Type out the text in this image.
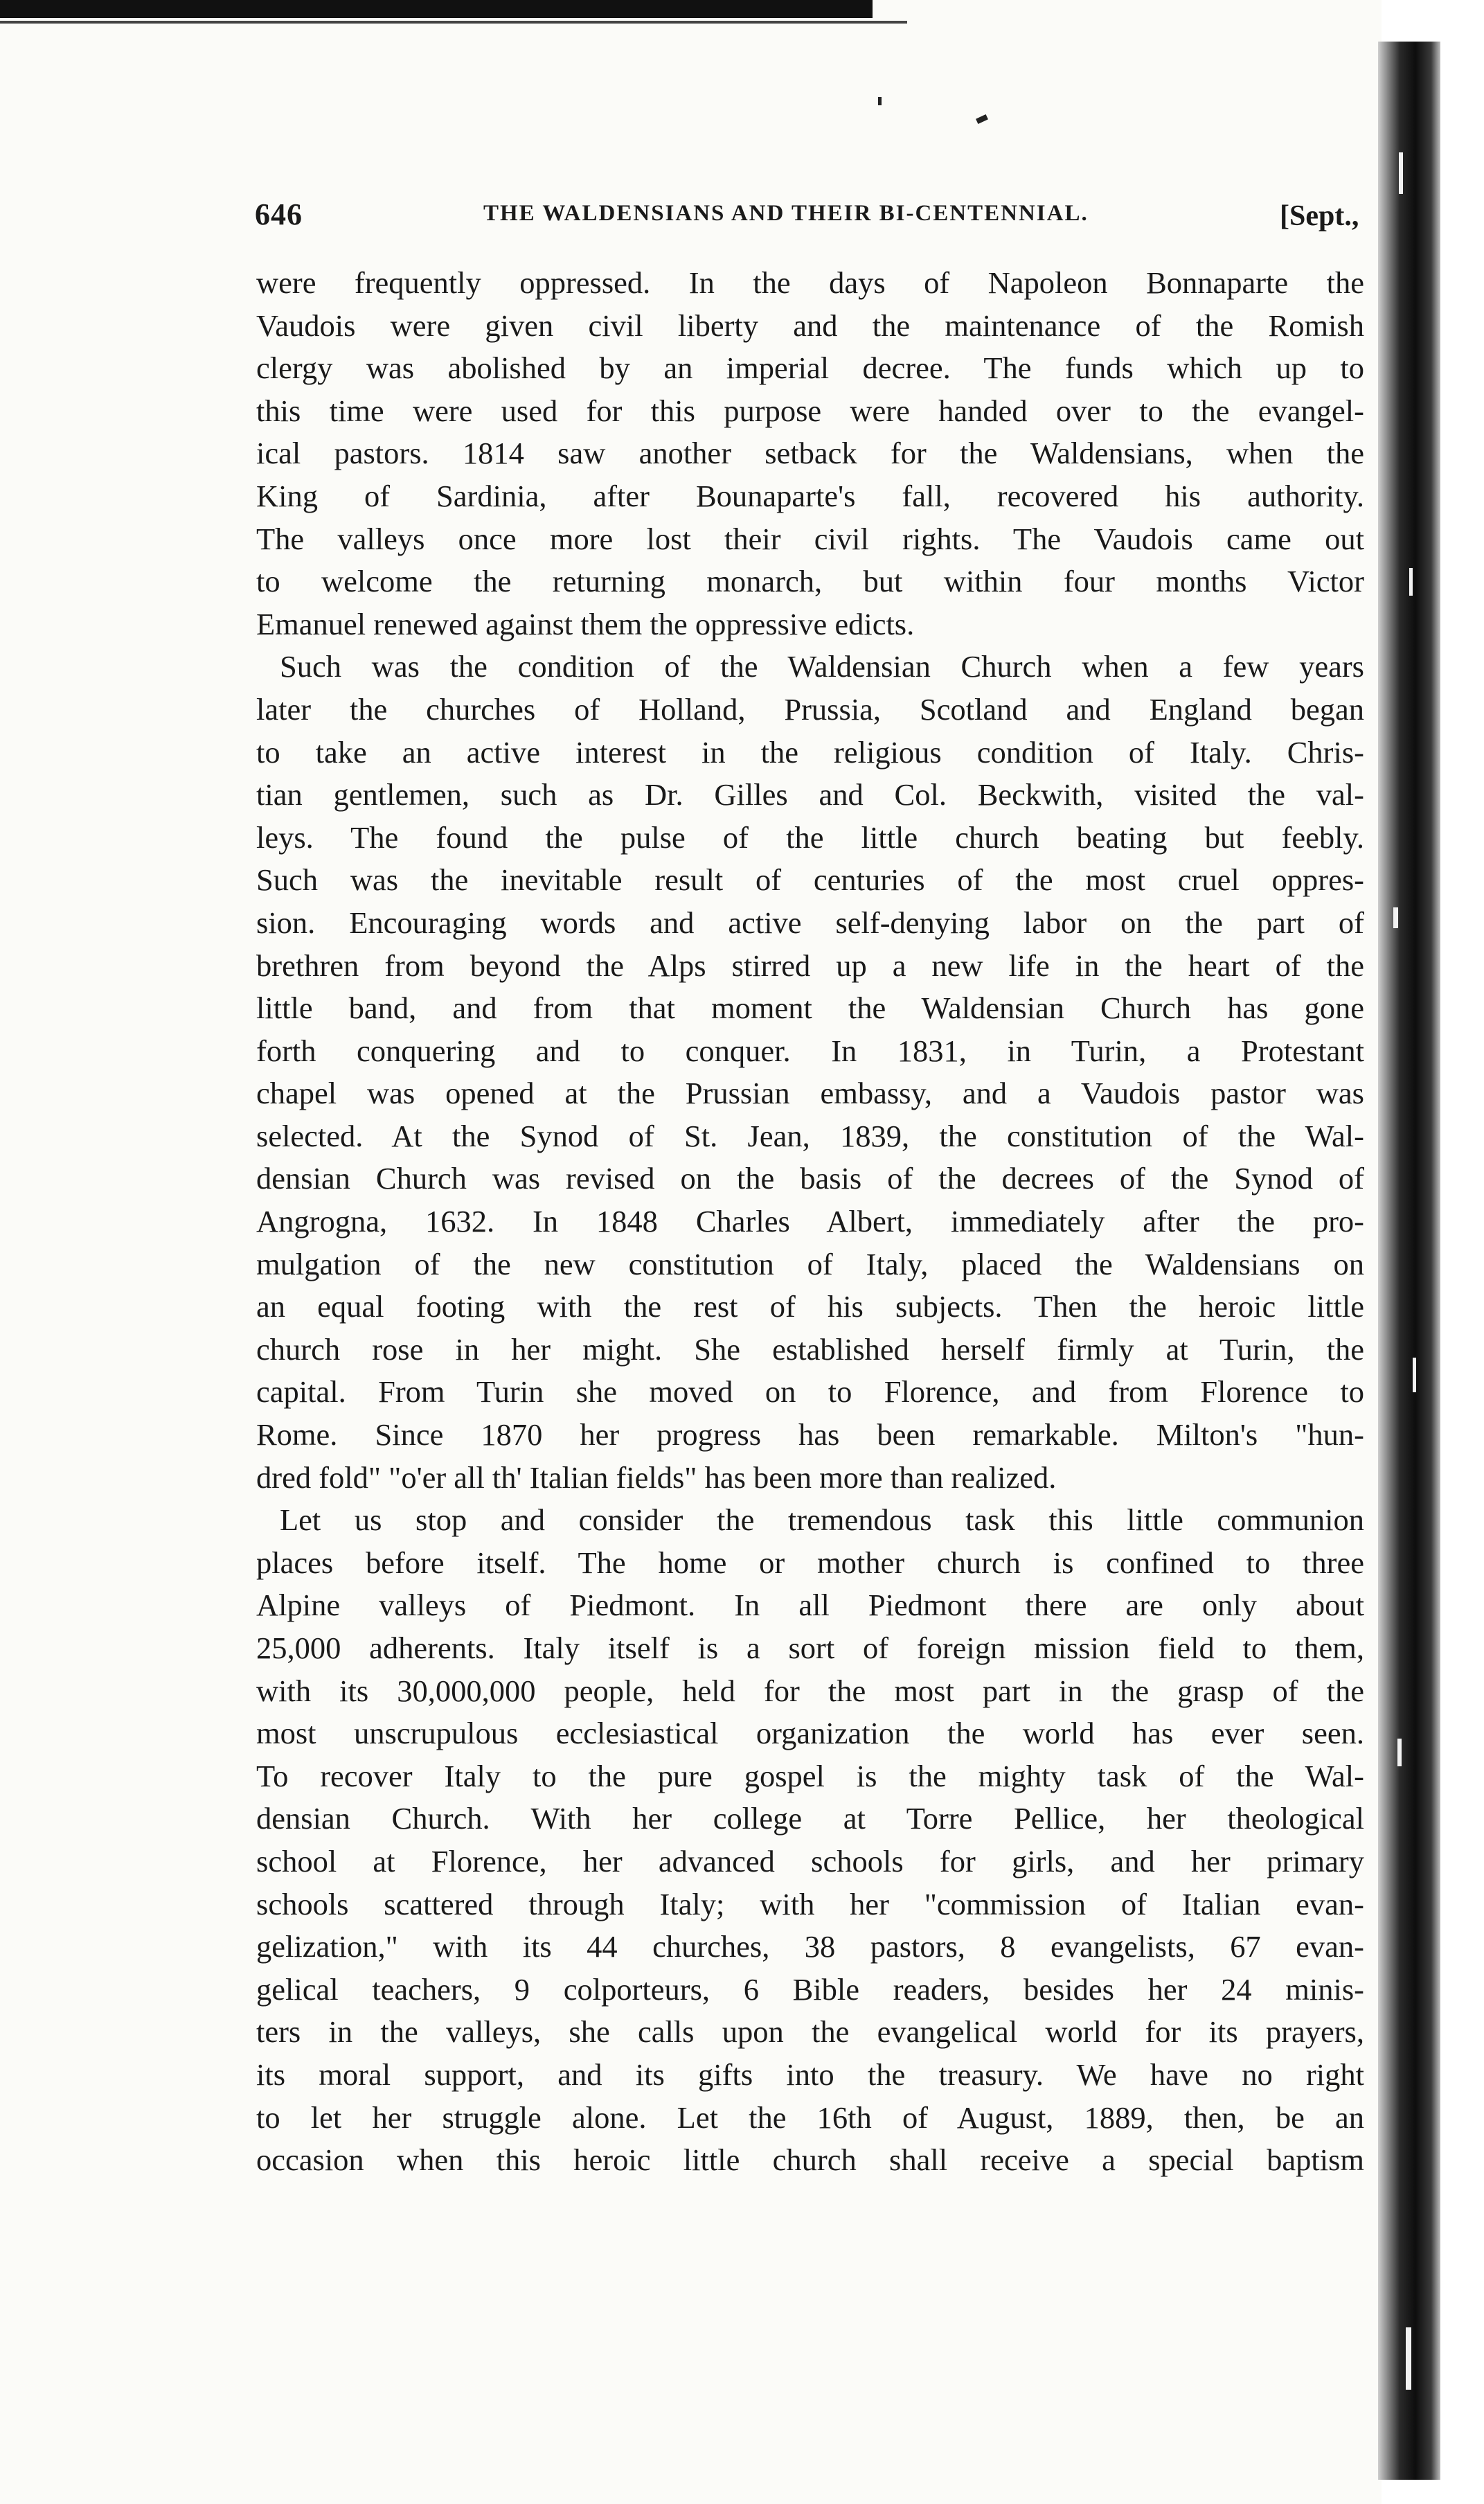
646	THE WALDENSIANS AND THEIR BI-CENTENNIAL.	[Sept.,
were frequently oppressed. In the days of Napoleon Bonnaparte the
Vaudois were given civil liberty and the maintenance of the Romish
clergy was abolished by an imperial decree. The funds which up to
this time were used for this purpose were handed over to the evangel-
ical pastors. 1814 saw another setback for the Waldensians, when the
King of Sardinia, after Bounaparte's fall, recovered his authority.
The valleys once more lost their civil rights. The Vaudois came out
to welcome the returning monarch, but within four months Victor
Emanuel renewed against them the oppressive edicts.
Such was the condition of the Waldensian Church when a few years
later the churches of Holland, Prussia, Scotland and England began
to take an active interest in the religious condition of Italy. Chris-
tian gentlemen, such as Dr. Gilles and Col. Beckwith, visited the val-
leys. The found the pulse of the little church beating but feebly.
Such was the inevitable result of centuries of the most cruel oppres-
sion. Encouraging words and active self-denying labor on the part of
brethren from beyond the Alps stirred up a new life in the heart of the
little band, and from that moment the Waldensian Church has gone
forth conquering and to conquer. In 1831, in Turin, a Protestant
chapel was opened at the Prussian embassy, and a Vaudois pastor was
selected. At the Synod of St. Jean, 1839, the constitution of the Wal-
densian Church was revised on the basis of the decrees of the Synod of
Angrogna, 1632. In 1848 Charles Albert, immediately after the pro-
mulgation of the new constitution of Italy, placed the Waldensians on
an equal footing with the rest of his subjects. Then the heroic little
church rose in her might. She established herself firmly at Turin, the
capital. From Turin she moved on to Florence, and from Florence to
Rome. Since 1870 her progress has been remarkable. Milton's "hun-
dred fold" "o'er all th' Italian fields" has been more than realized.
Let us stop and consider the tremendous task this little communion
places before itself. The home or mother church is confined to three
Alpine valleys of Piedmont. In all Piedmont there are only about
25,000 adherents. Italy itself is a sort of foreign mission field to them,
with its 30,000,000 people, held for the most part in the grasp of the
most unscrupulous ecclesiastical organization the world has ever seen.
To recover Italy to the pure gospel is the mighty task of the Wal-
densian Church. With her college at Torre Pellice, her theological
school at Florence, her advanced schools for girls, and her primary
schools scattered through Italy; with her "commission of Italian evan-
gelization," with its 44 churches, 38 pastors, 8 evangelists, 67 evan-
gelical teachers, 9 colporteurs, 6 Bible readers, besides her 24 minis-
ters in the valleys, she calls upon the evangelical world for its prayers,
its moral support, and its gifts into the treasury. We have no right
to let her struggle alone. Let the 16th of August, 1889, then, be an
occasion when this heroic little church shall receive a special baptism
